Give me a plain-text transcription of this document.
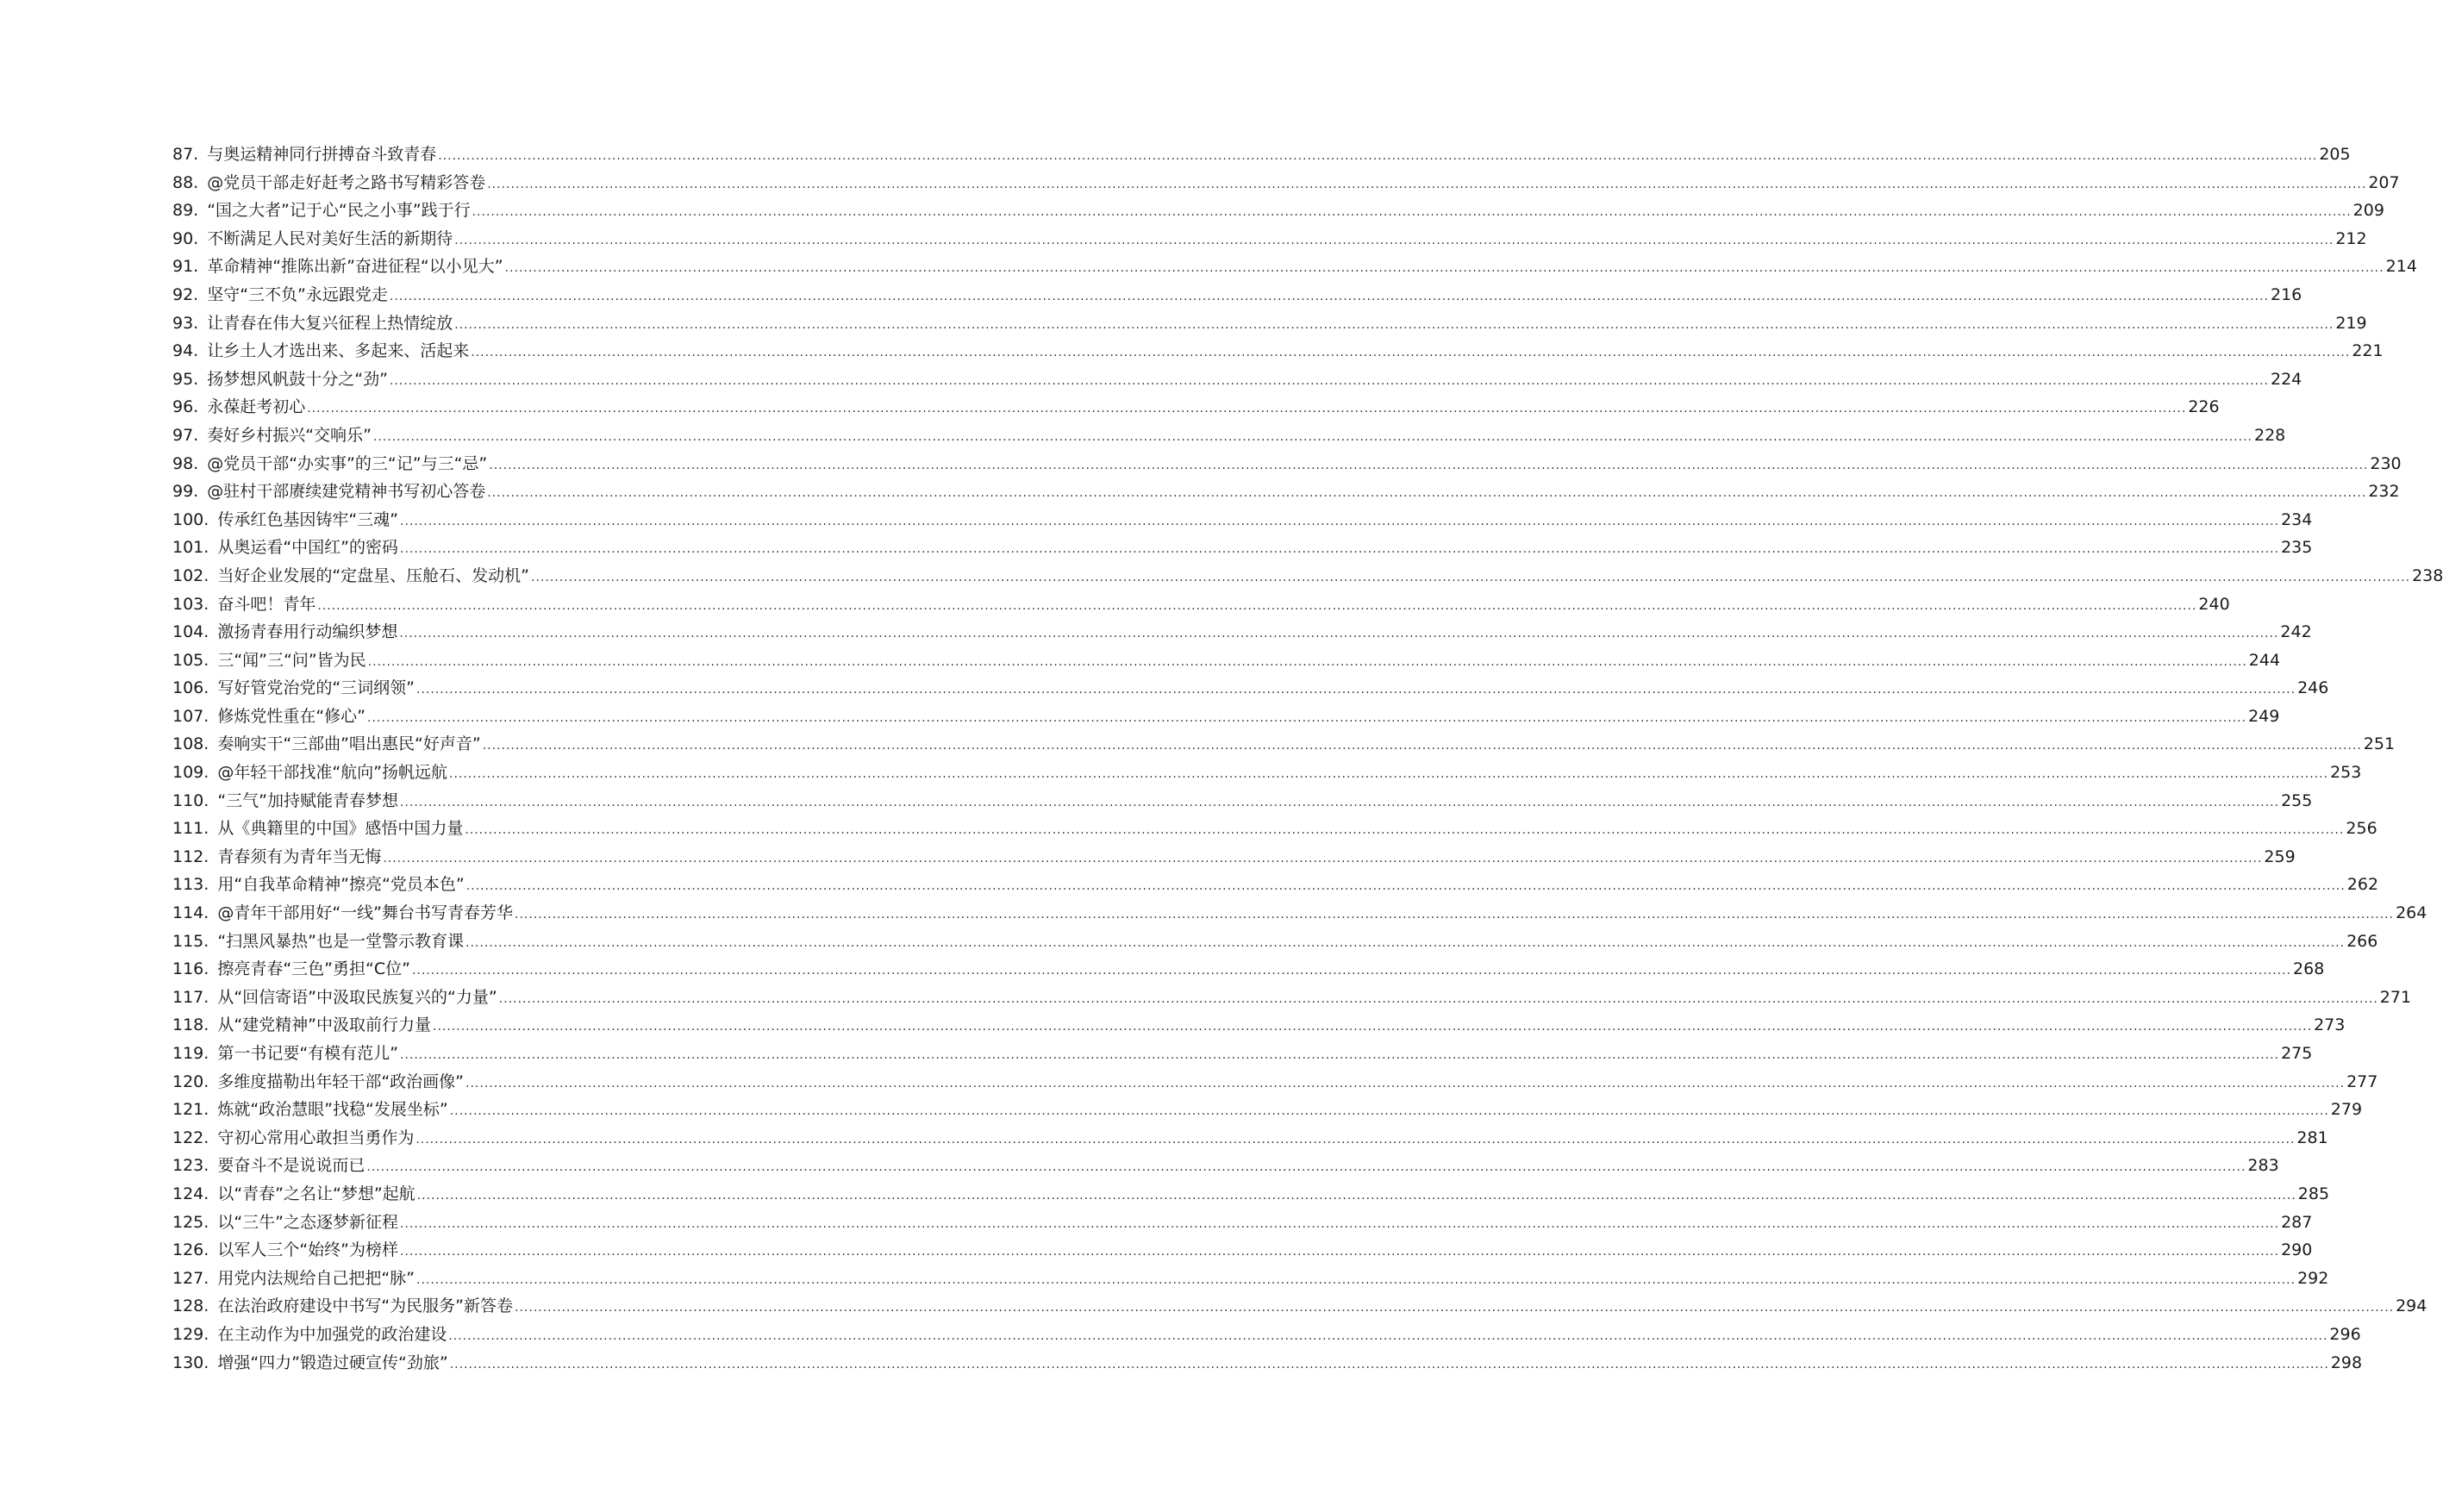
87. 与奥运精神同行拼搏奋斗致青春 ................................................................................................................................................................................................................................................................................................................................................................................................................ 205
88. @党员干部走好赶考之路书写精彩答卷 ................................................................................................................................................................................................................................................................................................................................................................................................................ 207
89. “国之大者”记于心“民之小事”践于行 ................................................................................................................................................................................................................................................................................................................................................................................................................ 209
90. 不断满足人民对美好生活的新期待 ................................................................................................................................................................................................................................................................................................................................................................................................................ 212
91. 革命精神“推陈出新”奋进征程“以小见大” ................................................................................................................................................................................................................................................................................................................................................................................................................ 214
92. 坚守“三不负”永远跟党走 ................................................................................................................................................................................................................................................................................................................................................................................................................ 216
93. 让青春在伟大复兴征程上热情绽放 ................................................................................................................................................................................................................................................................................................................................................................................................................ 219
94. 让乡土人才选出来、多起来、活起来 ................................................................................................................................................................................................................................................................................................................................................................................................................ 221
95. 扬梦想风帆鼓十分之“劲” ................................................................................................................................................................................................................................................................................................................................................................................................................ 224
96. 永葆赶考初心 ................................................................................................................................................................................................................................................................................................................................................................................................................ 226
97. 奏好乡村振兴“交响乐” ................................................................................................................................................................................................................................................................................................................................................................................................................ 228
98. @党员干部“办实事”的三“记”与三“忌” ................................................................................................................................................................................................................................................................................................................................................................................................................ 230
99. @驻村干部赓续建党精神书写初心答卷 ................................................................................................................................................................................................................................................................................................................................................................................................................ 232
100. 传承红色基因铸牢“三魂” ................................................................................................................................................................................................................................................................................................................................................................................................................ 234
101. 从奥运看“中国红”的密码 ................................................................................................................................................................................................................................................................................................................................................................................................................ 235
102. 当好企业发展的“定盘星、压舱石、发动机” ................................................................................................................................................................................................................................................................................................................................................................................................................ 238
103. 奋斗吧！青年 ................................................................................................................................................................................................................................................................................................................................................................................................................ 240
104. 激扬青春用行动编织梦想 ................................................................................................................................................................................................................................................................................................................................................................................................................ 242
105. 三“闻”三“问”皆为民 ................................................................................................................................................................................................................................................................................................................................................................................................................ 244
106. 写好管党治党的“三词纲领” ................................................................................................................................................................................................................................................................................................................................................................................................................ 246
107. 修炼党性重在“修心” ................................................................................................................................................................................................................................................................................................................................................................................................................ 249
108. 奏响实干“三部曲”唱出惠民“好声音” ................................................................................................................................................................................................................................................................................................................................................................................................................ 251
109. @年轻干部找准“航向”扬帆远航 ................................................................................................................................................................................................................................................................................................................................................................................................................ 253
110. “三气”加持赋能青春梦想 ................................................................................................................................................................................................................................................................................................................................................................................................................ 255
111. 从《典籍里的中国》感悟中国力量 ................................................................................................................................................................................................................................................................................................................................................................................................................ 256
112. 青春须有为青年当无悔 ................................................................................................................................................................................................................................................................................................................................................................................................................ 259
113. 用“自我革命精神”擦亮“党员本色” ................................................................................................................................................................................................................................................................................................................................................................................................................ 262
114. @青年干部用好“一线”舞台书写青春芳华 ................................................................................................................................................................................................................................................................................................................................................................................................................ 264
115. “扫黑风暴热”也是一堂警示教育课 ................................................................................................................................................................................................................................................................................................................................................................................................................ 266
116. 擦亮青春“三色”勇担“C位” ................................................................................................................................................................................................................................................................................................................................................................................................................ 268
117. 从“回信寄语”中汲取民族复兴的“力量” ................................................................................................................................................................................................................................................................................................................................................................................................................ 271
118. 从“建党精神”中汲取前行力量 ................................................................................................................................................................................................................................................................................................................................................................................................................ 273
119. 第一书记要“有模有范儿” ................................................................................................................................................................................................................................................................................................................................................................................................................ 275
120. 多维度描勒出年轻干部“政治画像” ................................................................................................................................................................................................................................................................................................................................................................................................................ 277
121. 炼就“政治慧眼”找稳“发展坐标” ................................................................................................................................................................................................................................................................................................................................................................................................................ 279
122. 守初心常用心敢担当勇作为 ................................................................................................................................................................................................................................................................................................................................................................................................................ 281
123. 要奋斗不是说说而已 ................................................................................................................................................................................................................................................................................................................................................................................................................ 283
124. 以“青春”之名让“梦想”起航 ................................................................................................................................................................................................................................................................................................................................................................................................................ 285
125. 以“三牛”之态逐梦新征程 ................................................................................................................................................................................................................................................................................................................................................................................................................ 287
126. 以军人三个“始终”为榜样 ................................................................................................................................................................................................................................................................................................................................................................................................................ 290
127. 用党内法规给自己把把“脉” ................................................................................................................................................................................................................................................................................................................................................................................................................ 292
128. 在法治政府建设中书写“为民服务”新答卷 ................................................................................................................................................................................................................................................................................................................................................................................................................ 294
129. 在主动作为中加强党的政治建设 ................................................................................................................................................................................................................................................................................................................................................................................................................ 296
130. 增强“四力”锻造过硬宣传“劲旅” ................................................................................................................................................................................................................................................................................................................................................................................................................ 298
